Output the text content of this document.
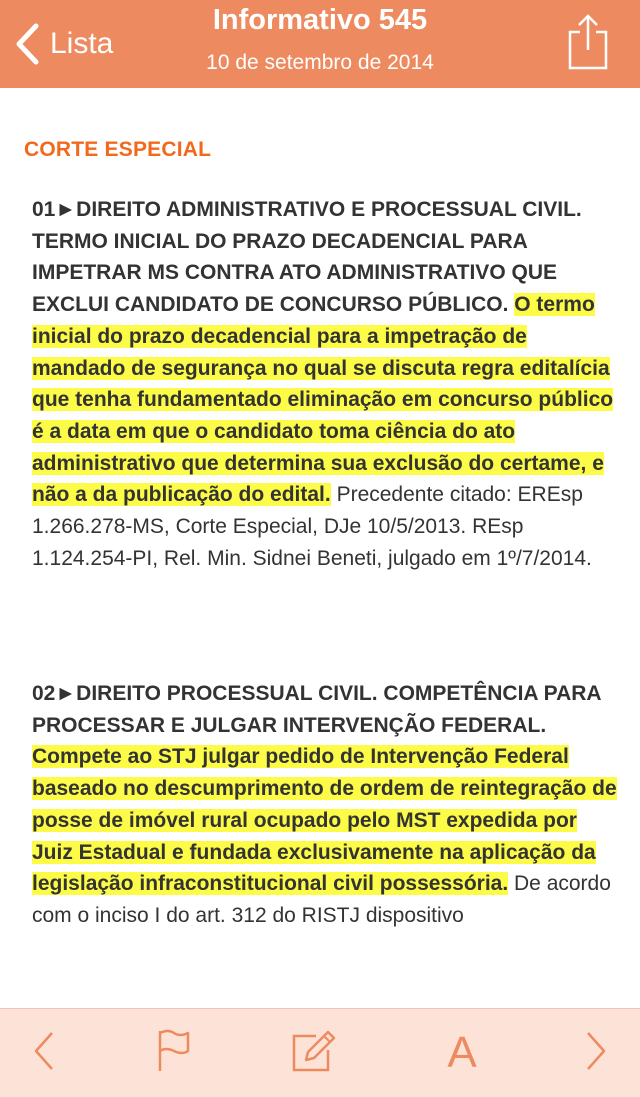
Lista
Informativo 545
10 de setembro de 2014
CORTE ESPECIAL
01►DIREITO ADMINISTRATIVO E PROCESSUAL CIVIL. TERMO INICIAL DO PRAZO DECADENCIAL PARA IMPETRAR MS CONTRA ATO ADMINISTRATIVO QUE EXCLUI CANDIDATO DE CONCURSO PÚBLICO. O termo inicial do prazo decadencial para a impetração de mandado de segurança no qual se discuta regra editalícia que tenha fundamentado eliminação em concurso público é a data em que o candidato toma ciência do ato administrativo que determina sua exclusão do certame, e não a da publicação do edital. Precedente citado: EREsp 1.266.278-MS, Corte Especial, DJe 10/5/2013. REsp 1.124.254-PI, Rel. Min. Sidnei Beneti, julgado em 1º/7/2014.
02►DIREITO PROCESSUAL CIVIL. COMPETÊNCIA PARA PROCESSAR E JULGAR INTERVENÇÃO FEDERAL. Compete ao STJ julgar pedido de Intervenção Federal baseado no descumprimento de ordem de reintegração de posse de imóvel rural ocupado pelo MST expedida por Juiz Estadual e fundada exclusivamente na aplicação da legislação infraconstitucional civil possessória. De acordo com o inciso I do art. 312 do RISTJ dispositivo
A
